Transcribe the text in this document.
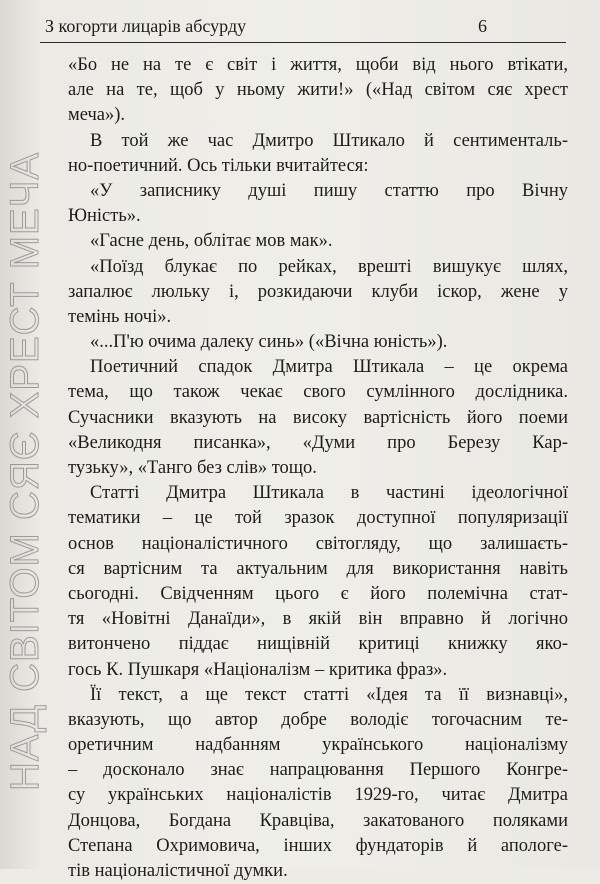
З когорти лицарів абсурду	6
НАД СВІТОМ СЯЄ ХРЕСТ МЕЧА
«Бо не на те є світ і життя, щоби від нього втікати,
але на те, щоб у ньому жити!» («Над світом сяє хрест
меча»).
В той же час Дмитро Штикало й сентименталь-
но-поетичний. Ось тільки вчитайтеся:
«У записнику душі пишу статтю про Вічну
Юність».
«Гасне день, облітає мов мак».
«Поїзд блукає по рейках, врешті вишукує шлях,
запалює люльку і, розкидаючи клуби іскор, жене у
темінь ночі».
«...П'ю очима далеку синь» («Вічна юність»).
Поетичний спадок Дмитра Штикала – це окрема
тема, що також чекає свого сумлінного дослідника.
Сучасники вказують на високу вартісність його поеми
«Великодня писанка», «Думи про Березу Кар-
тузьку», «Танго без слів» тощо.
Статті Дмитра Штикала в частині ідеологічної
тематики – це той зразок доступної популяризації
основ націоналістичного світогляду, що залишаєть-
ся вартісним та актуальним для використання навіть
сьогодні. Свідченням цього є його полемічна стат-
тя «Новітні Данаїди», в якій він вправно й логічно
витончено піддає нищівній критиці книжку яко-
гось К. Пушкаря «Націоналізм – критика фраз».
Її текст, а ще текст статті «Ідея та її визнавці»,
вказують, що автор добре володіє тогочасним те-
оретичним надбанням українського націоналізму
– досконало знає напрацювання Першого Конгре-
су українських націоналістів 1929-го, читає Дмитра
Донцова, Богдана Кравціва, закатованого поляками
Степана Охримовича, інших фундаторів й апологе-
тів націоналістичної думки.
